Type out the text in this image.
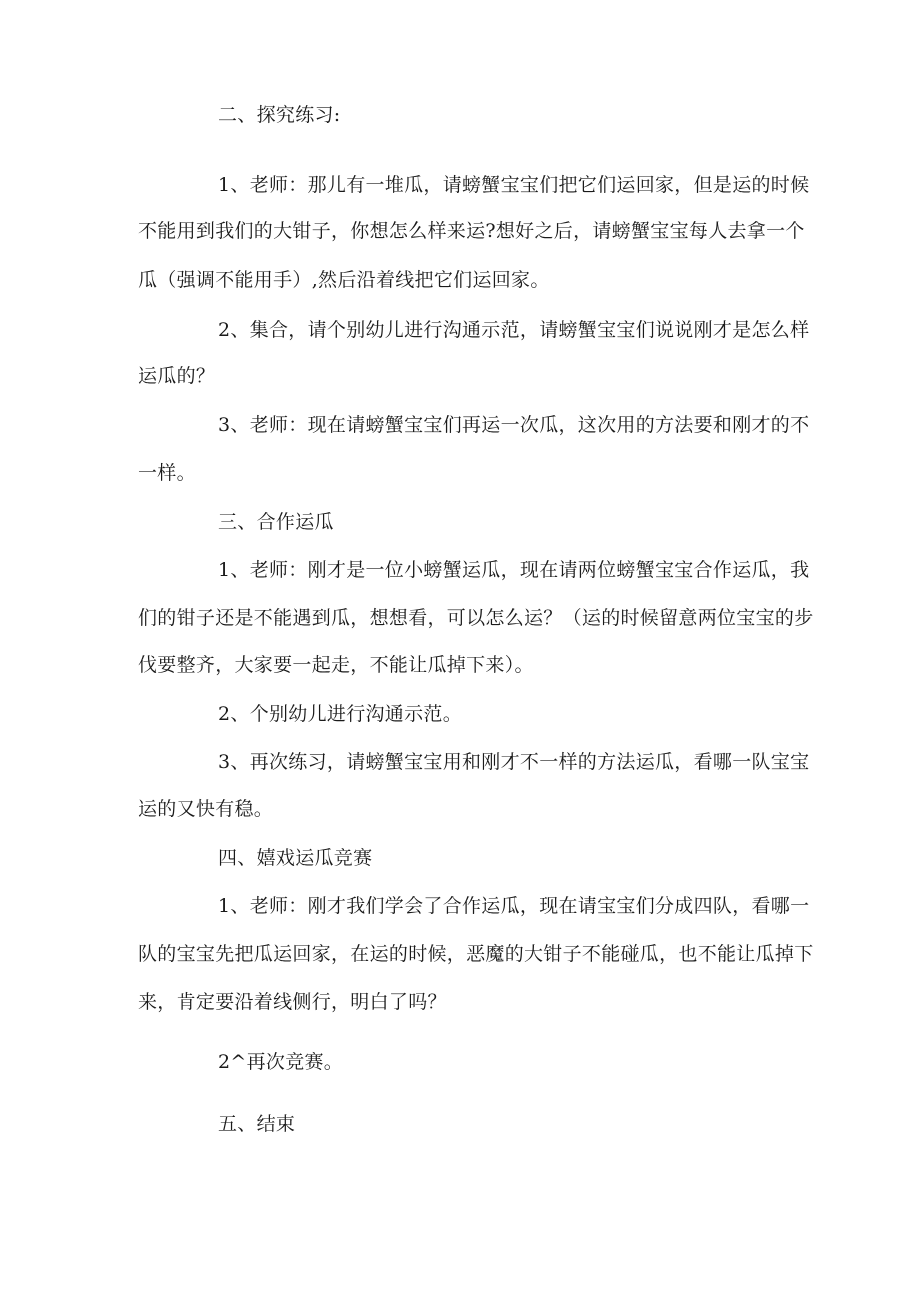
二、探究练习:
1、老师：那儿有一堆瓜，请螃蟹宝宝们把它们运回家，但是运的时候
不能用到我们的大钳子，你想怎么样来运?想好之后，请螃蟹宝宝每人去拿一个
瓜（强调不能用手）,然后沿着线把它们运回家。
2、集合，请个别幼儿进行沟通示范，请螃蟹宝宝们说说刚才是怎么样
运瓜的？
3、老师：现在请螃蟹宝宝们再运一次瓜，这次用的方法要和刚才的不
一样。
三、合作运瓜
1、老师：刚才是一位小螃蟹运瓜，现在请两位螃蟹宝宝合作运瓜，我
们的钳子还是不能遇到瓜，想想看，可以怎么运？（运的时候留意两位宝宝的步
伐要整齐，大家要一起走，不能让瓜掉下来）。
2、个别幼儿进行沟通示范。
3、再次练习，请螃蟹宝宝用和刚才不一样的方法运瓜，看哪一队宝宝
运的又快有稳。
四、嬉戏运瓜竞赛
1、老师：刚才我们学会了合作运瓜，现在请宝宝们分成四队，看哪一
队的宝宝先把瓜运回家，在运的时候，恶魔的大钳子不能碰瓜，也不能让瓜掉下
来，肯定要沿着线侧行，明白了吗？
2^再次竞赛。
五、结束
